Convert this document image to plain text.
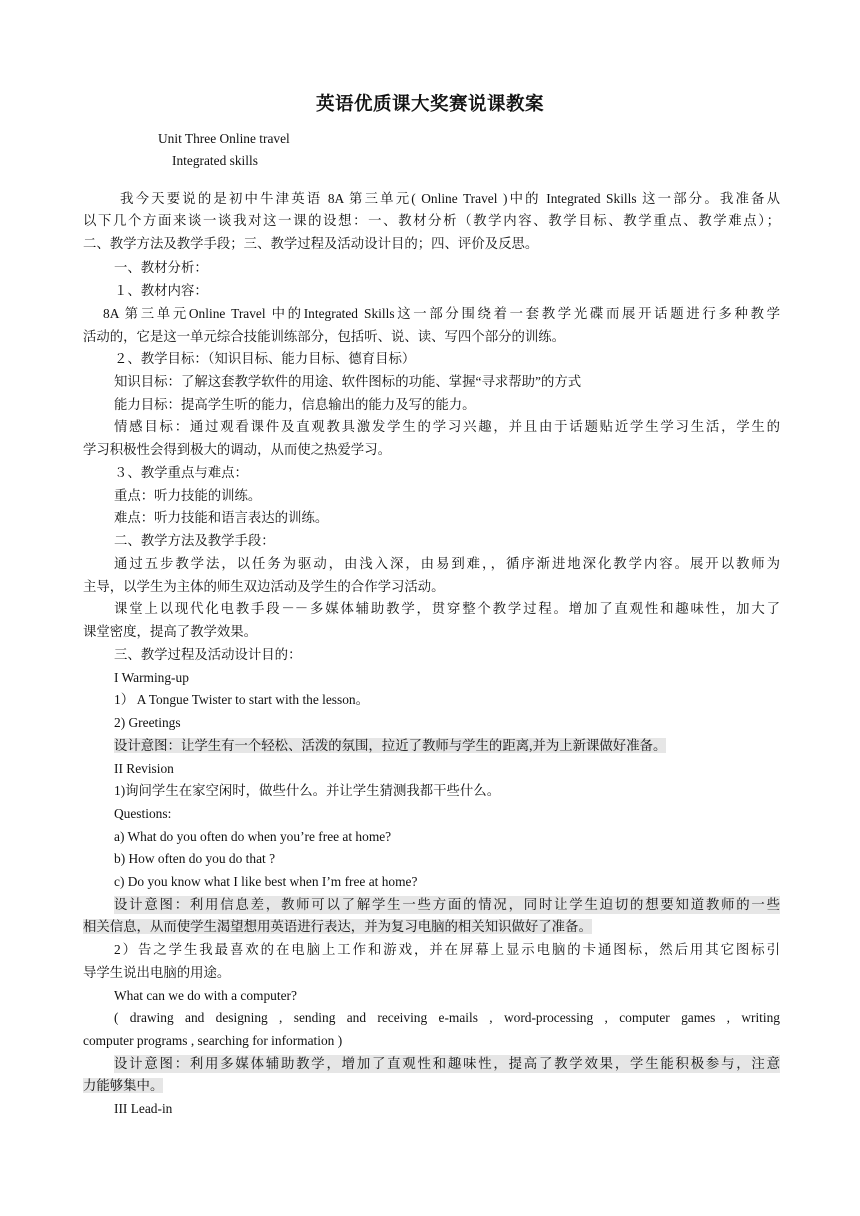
英语优质课大奖赛说课教案
Unit Three Online travel
Integrated skills
我今天要说的是初中牛津英语 8A 第三单元( Online Travel )中的 Integrated Skills 这一部分。我准备从
以下几个方面来谈一谈我对这一课的设想：一、教材分析（教学内容、教学目标、教学重点、教学难点）；
二、教学方法及教学手段；三、教学过程及活动设计目的；四、评价及反思。
一、教材分析：
１、教材内容：
8A 第三单元Online Travel 中的Integrated Skills这一部分围绕着一套教学光碟而展开话题进行多种教学
活动的，它是这一单元综合技能训练部分，包括听、说、读、写四个部分的训练。
２、教学目标：（知识目标、能力目标、德育目标）
知识目标：了解这套教学软件的用途、软件图标的功能、掌握“寻求帮助”的方式
能力目标：提高学生听的能力，信息输出的能力及写的能力。
情感目标：通过观看课件及直观教具激发学生的学习兴趣，并且由于话题贴近学生学习生活，学生的
学习积极性会得到极大的调动，从而使之热爱学习。
３、教学重点与难点：
重点：听力技能的训练。
难点：听力技能和语言表达的训练。
二、教学方法及教学手段：
通过五步教学法，以任务为驱动，由浅入深，由易到难，，循序渐进地深化教学内容。展开以教师为
主导，以学生为主体的师生双边活动及学生的合作学习活动。
课堂上以现代化电教手段－－多媒体辅助教学，贯穿整个教学过程。增加了直观性和趣味性，加大了
课堂密度，提高了教学效果。
三、教学过程及活动设计目的：
I Warming-up
1） A Tongue Twister to start with the lesson。
2) Greetings
设计意图：让学生有一个轻松、活泼的氛围，拉近了教师与学生的距离,并为上新课做好准备。
II Revision
1)询问学生在家空闲时，做些什么。并让学生猜测我都干些什么。
Questions:
a) What do you often do when you’re free at home?
b) How often do you do that ?
c) Do you know what I like best when I’m free at home?
设计意图：利用信息差，教师可以了解学生一些方面的情况，同时让学生迫切的想要知道教师的一些
相关信息，从而使学生渴望想用英语进行表达，并为复习电脑的相关知识做好了准备。
2）告之学生我最喜欢的在电脑上工作和游戏，并在屏幕上显示电脑的卡通图标，然后用其它图标引
导学生说出电脑的用途。
What can we do with a computer?
( drawing and designing , sending and receiving e-mails , word-processing , computer games , writing
computer programs , searching for information )
设计意图：利用多媒体辅助教学，增加了直观性和趣味性，提高了教学效果，学生能积极参与，注意
力能够集中。
III Lead-in
